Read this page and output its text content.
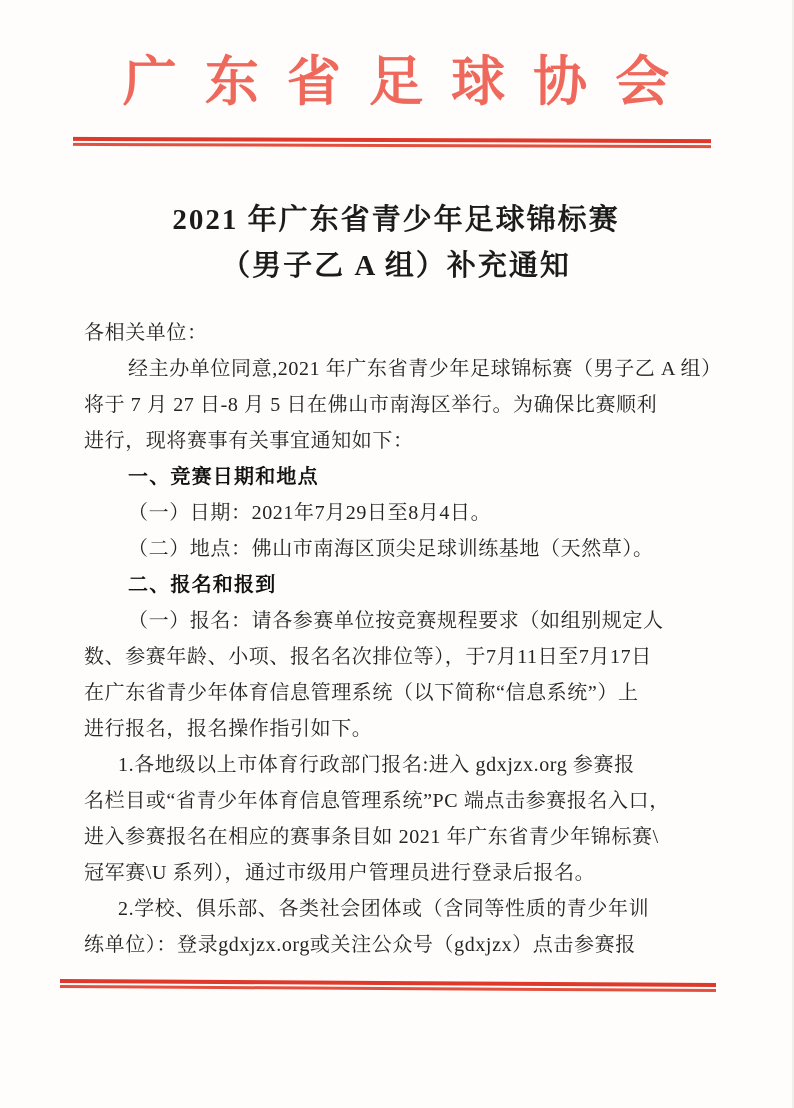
广东省足球协会
2021 年广东省青少年足球锦标赛
（男子乙 A 组）补充通知
各相关单位：
经主办单位同意,2021 年广东省青少年足球锦标赛（男子乙 A 组）
将于 7 月 27 日-8 月 5 日在佛山市南海区举行。为确保比赛顺利
进行，现将赛事有关事宜通知如下：
一、竞赛日期和地点
（一）日期：2021年7月29日至8月4日。
（二）地点：佛山市南海区顶尖足球训练基地（天然草）。
二、报名和报到
（一）报名：请各参赛单位按竞赛规程要求（如组别规定人
数、参赛年龄、小项、报名名次排位等），于7月11日至7月17日
在广东省青少年体育信息管理系统（以下简称“信息系统”）上
进行报名，报名操作指引如下。
1.各地级以上市体育行政部门报名:进入 gdxjzx.org 参赛报
名栏目或“省青少年体育信息管理系统”PC 端点击参赛报名入口，
进入参赛报名在相应的赛事条目如 2021 年广东省青少年锦标赛\
冠军赛\U 系列），通过市级用户管理员进行登录后报名。
2.学校、俱乐部、各类社会团体或（含同等性质的青少年训
练单位）：登录gdxjzx.org或关注公众号（gdxjzx）点击参赛报
